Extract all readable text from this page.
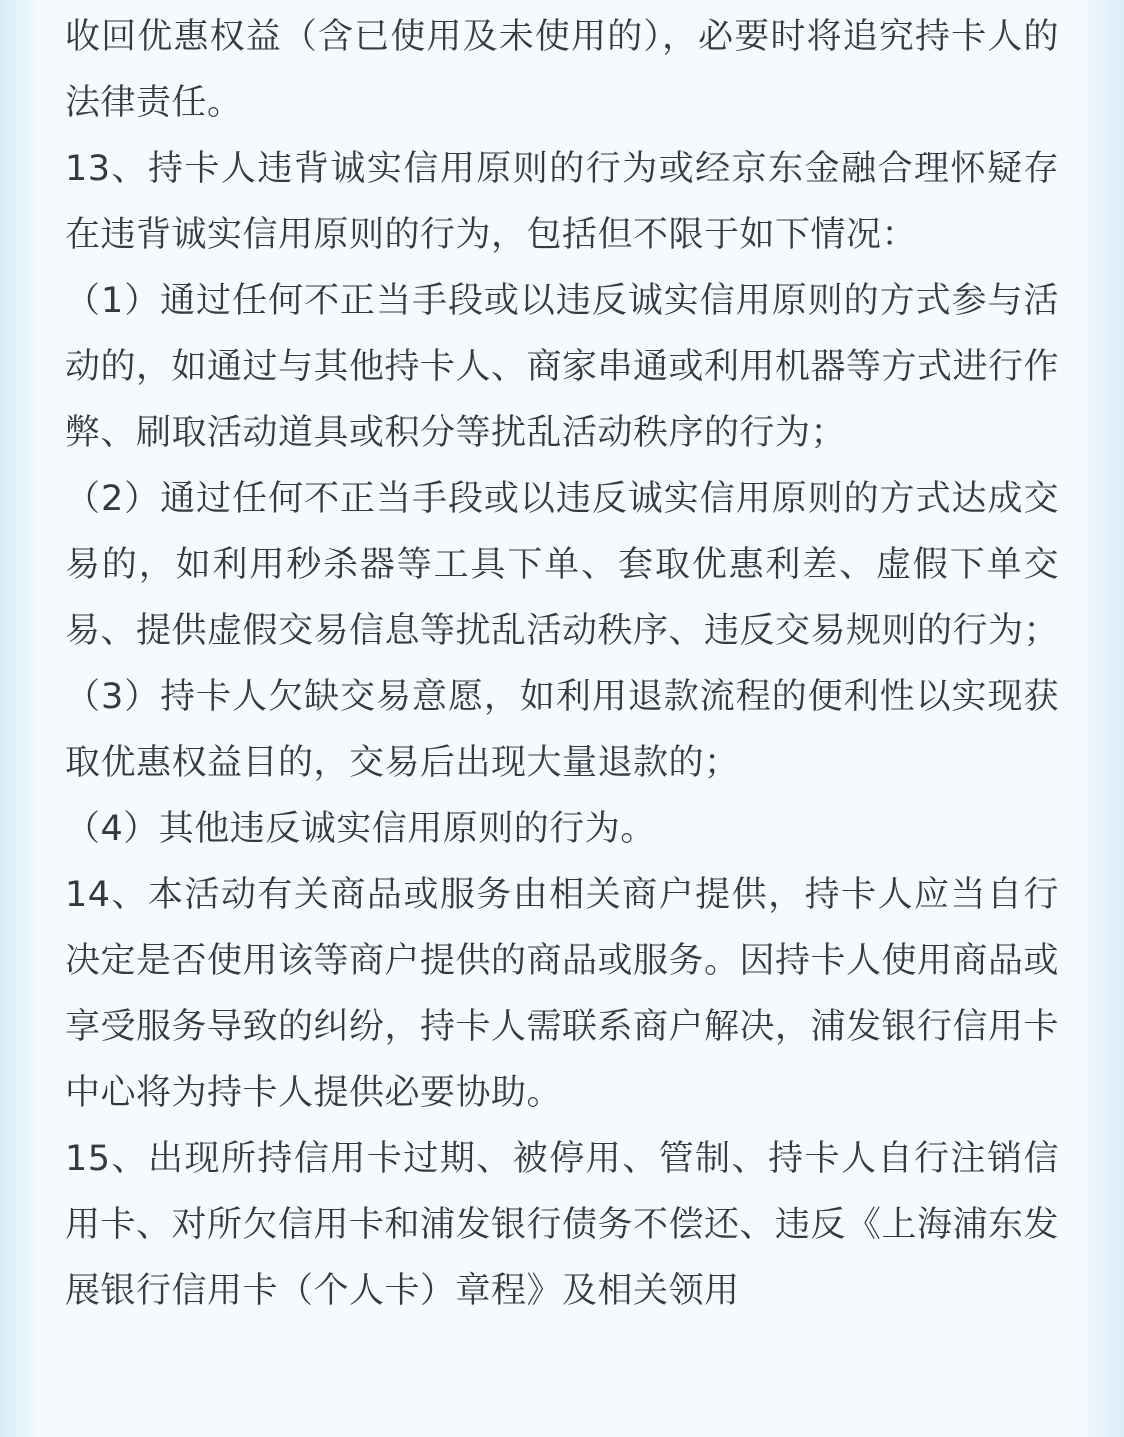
收回优惠权益（含已使用及未使用的），必要时将追究持卡人的法律责任。

13、持卡人违背诚实信用原则的行为或经京东金融合理怀疑存在违背诚实信用原则的行为，包括但不限于如下情况：

（1）通过任何不正当手段或以违反诚实信用原则的方式参与活动的，如通过与其他持卡人、商家串通或利用机器等方式进行作弊、刷取活动道具或积分等扰乱活动秩序的行为；

（2）通过任何不正当手段或以违反诚实信用原则的方式达成交易的，如利用秒杀器等工具下单、套取优惠利差、虚假下单交易、提供虚假交易信息等扰乱活动秩序、违反交易规则的行为；

（3）持卡人欠缺交易意愿，如利用退款流程的便利性以实现获取优惠权益目的，交易后出现大量退款的；

（4）其他违反诚实信用原则的行为。

14、本活动有关商品或服务由相关商户提供，持卡人应当自行决定是否使用该等商户提供的商品或服务。因持卡人使用商品或享受服务导致的纠纷，持卡人需联系商户解决，浦发银行信用卡中心将为持卡人提供必要协助。

15、出现所持信用卡过期、被停用、管制、持卡人自行注销信用卡、对所欠信用卡和浦发银行债务不偿还、违反《上海浦东发展银行信用卡（个人卡）章程》及相关领用
